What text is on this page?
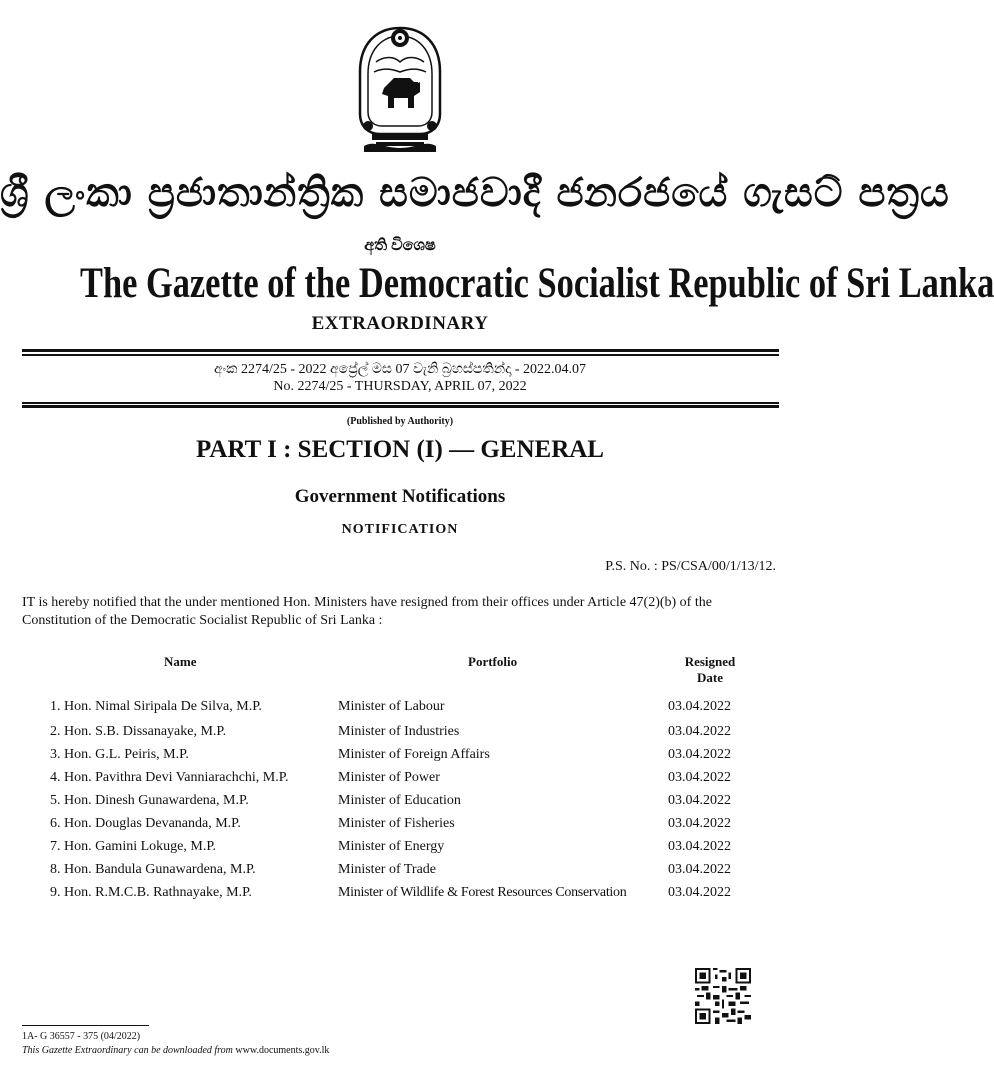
ශ්‍රී ලංකා ප්‍රජාතාන්ත්‍රික සමාජවාදී ජනරජයේ ගැසට් පත්‍රය
අති විශෙෂ
The Gazette of the Democratic Socialist Republic of Sri Lanka
EXTRAORDINARY
අංක 2274/25 - 2022 අප්‍රේල් මස 07 වැනි බ්‍රහස්පතින්දා - 2022.04.07
No. 2274/25 - THURSDAY, APRIL 07, 2022
(Published by Authority)
PART I : SECTION (I) — GENERAL
Government Notifications
NOTIFICATION
P.S. No. : PS/CSA/00/1/13/12.
IT is hereby notified that the under mentioned Hon. Ministers have resigned from their offices under Article 47(2)(b) of the Constitution of the Democratic Socialist Republic of Sri Lanka :
Name	Portfolio	Resigned
Date
1. Hon. Nimal Siripala De Silva, M.P.	Minister of Labour	03.04.2022
2. Hon. S.B. Dissanayake, M.P.	Minister of Industries	03.04.2022
3. Hon. G.L. Peiris, M.P.	Minister of Foreign Affairs	03.04.2022
4. Hon. Pavithra Devi Vanniarachchi, M.P.	Minister of Power	03.04.2022
5. Hon. Dinesh Gunawardena, M.P.	Minister of Education	03.04.2022
6. Hon. Douglas Devananda, M.P.	Minister of Fisheries	03.04.2022
7. Hon. Gamini Lokuge, M.P.	Minister of Energy	03.04.2022
8. Hon. Bandula Gunawardena, M.P.	Minister of Trade	03.04.2022
9. Hon. R.M.C.B. Rathnayake, M.P.	Minister of Wildlife & Forest Resources Conservation	03.04.2022
1A- G 36557 - 375 (04/2022)
This Gazette Extraordinary can be downloaded from www.documents.gov.lk
